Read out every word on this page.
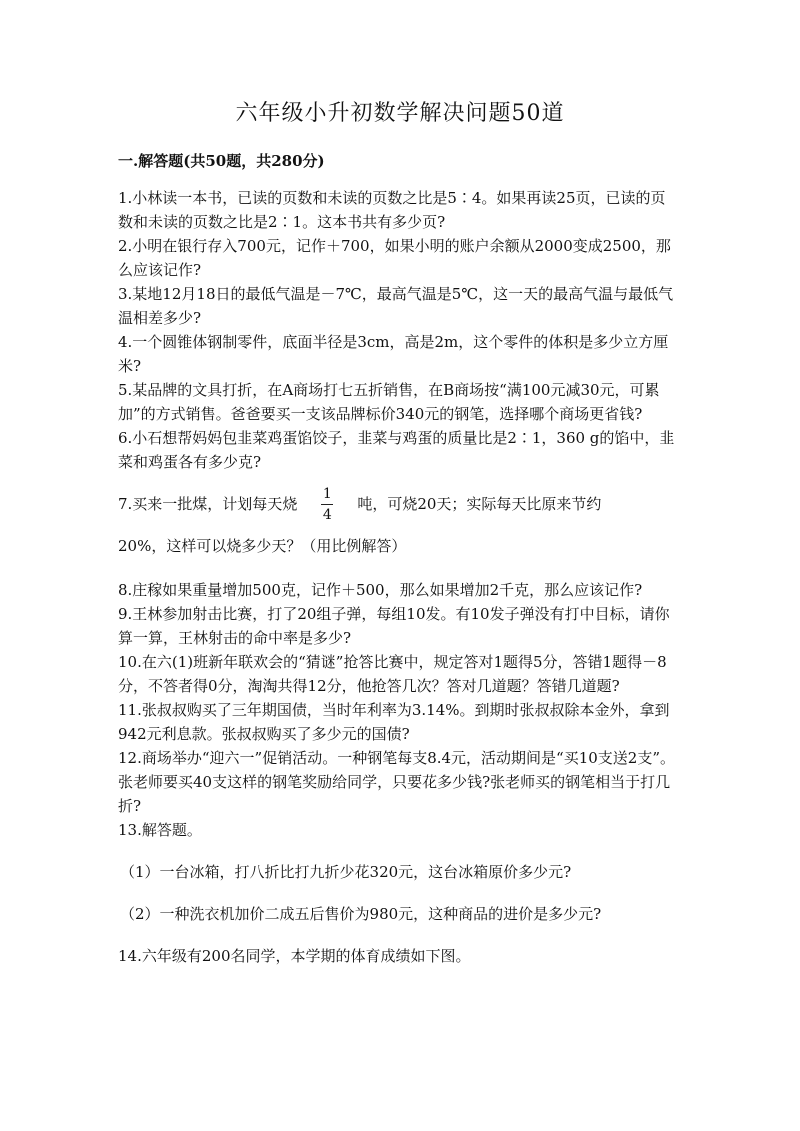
六年级小升初数学解决问题50道
一.解答题(共50题，共280分)

1.小林读一本书，已读的页数和未读的页数之比是5∶4。如果再读25页，已读的页数和未读的页数之比是2∶1。这本书共有多少页?

2.小明在银行存入700元，记作＋700，如果小明的账户余额从2000变成2500，那么应该记作?

3.某地12月18日的最低气温是－7℃，最高气温是5℃，这一天的最高气温与最低气温相差多少?

4.一个圆锥体钢制零件，底面半径是3cm，高是2m，这个零件的体积是多少立方厘米?

5.某品牌的文具打折，在A商场打七五折销售，在B商场按“满100元减30元，可累加”的方式销售。爸爸要买一支该品牌标价340元的钢笔，选择哪个商场更省钱?

6.小石想帮妈妈包韭菜鸡蛋馅饺子，韭菜与鸡蛋的质量比是2∶1，360 g的馅中，韭菜和鸡蛋各有多少克?

7.买来一批煤，计划每天烧 $\frac{1}{4}$ 吨，可烧20天；实际每天比原来节约

20%，这样可以烧多少天？（用比例解答）

8.庄稼如果重量增加500克，记作＋500，那么如果增加2千克，那么应该记作?

9.王林参加射击比赛，打了20组子弹，每组10发。有10发子弹没有打中目标，请你算一算，王林射击的命中率是多少?

10.在六(1)班新年联欢会的“猜谜”抢答比赛中，规定答对1题得5分，答错1题得－8分，不答者得0分，淘淘共得12分，他抢答几次？答对几道题？答错几道题?

11.张叔叔购买了三年期国债，当时年利率为3.14%。到期时张叔叔除本金外，拿到942元利息款。张叔叔购买了多少元的国债?

12.商场举办“迎六一”促销活动。一种钢笔每支8.4元，活动期间是“买10支送2支”。张老师要买40支这样的钢笔奖励给同学，只要花多少钱?张老师买的钢笔相当于打几折?

13.解答题。

（1）一台冰箱，打八折比打九折少花320元，这台冰箱原价多少元?

（2）一种洗衣机加价二成五后售价为980元，这种商品的进价是多少元?

14.六年级有200名同学，本学期的体育成绩如下图。
